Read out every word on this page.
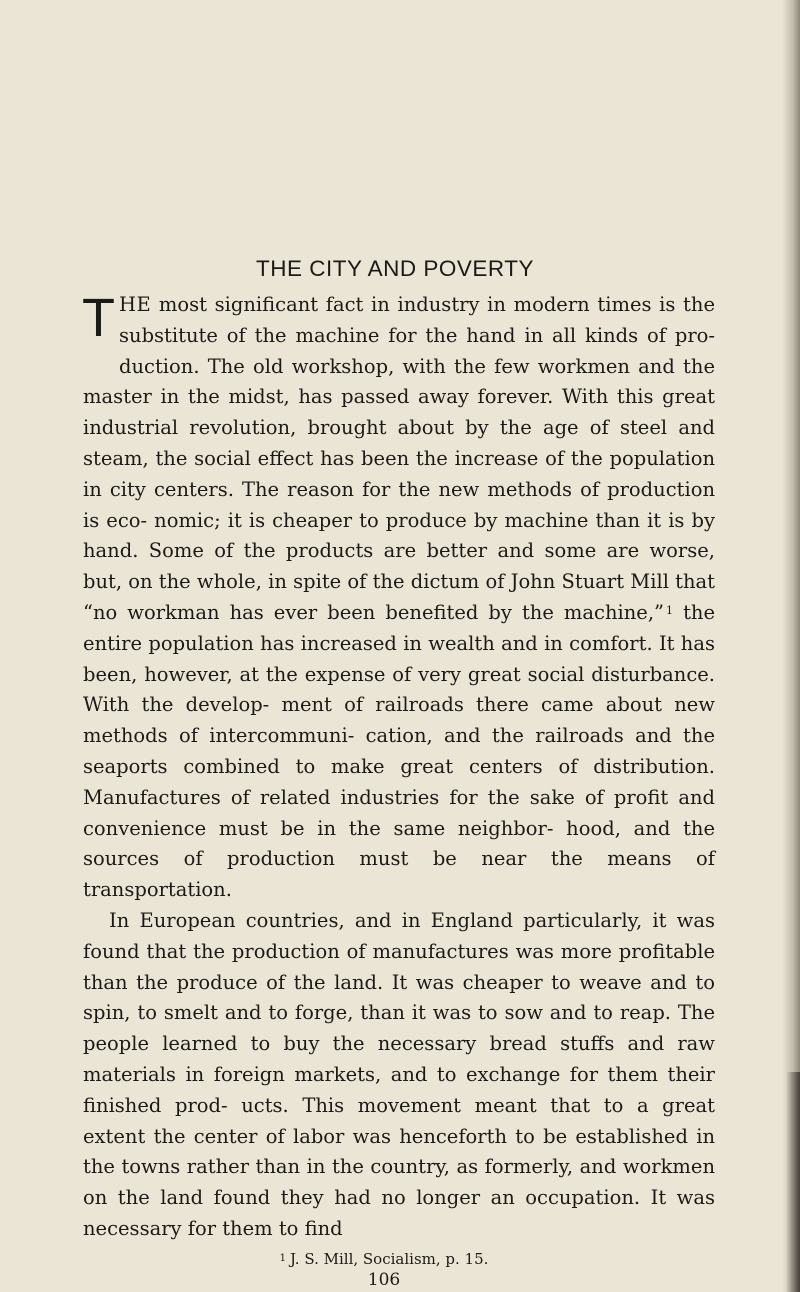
THE CITY AND POVERTY

THE most significant fact in industry in modern times is the substitute of the machine for the hand in all kinds of pro- duction. The old workshop, with the few workmen and the master in the midst, has passed away forever. With this great industrial revolution, brought about by the age of steel and steam, the social effect has been the increase of the population in city centers. The reason for the new methods of production is eco- nomic; it is cheaper to produce by machine than it is by hand. Some of the products are better and some are worse, but, on the whole, in spite of the dictum of John Stuart Mill that “no workman has ever been benefited by the machine,” $^1$ the entire population has increased in wealth and in comfort. It has been, however, at the expense of very great social disturbance. With the develop- ment of railroads there came about new methods of intercommuni- cation, and the railroads and the seaports combined to make great centers of distribution. Manufactures of related industries for the sake of profit and convenience must be in the same neighbor- hood, and the sources of production must be near the means of transportation.

In European countries, and in England particularly, it was found that the production of manufactures was more profitable than the produce of the land. It was cheaper to weave and to spin, to smelt and to forge, than it was to sow and to reap. The people learned to buy the necessary bread stuffs and raw materials in foreign markets, and to exchange for them their finished prod- ucts. This movement meant that to a great extent the center of labor was henceforth to be established in the towns rather than in the country, as formerly, and workmen on the land found they had no longer an occupation. It was necessary for them to find

$^1$ J. S. Mill, Socialism, p. 15.
106
